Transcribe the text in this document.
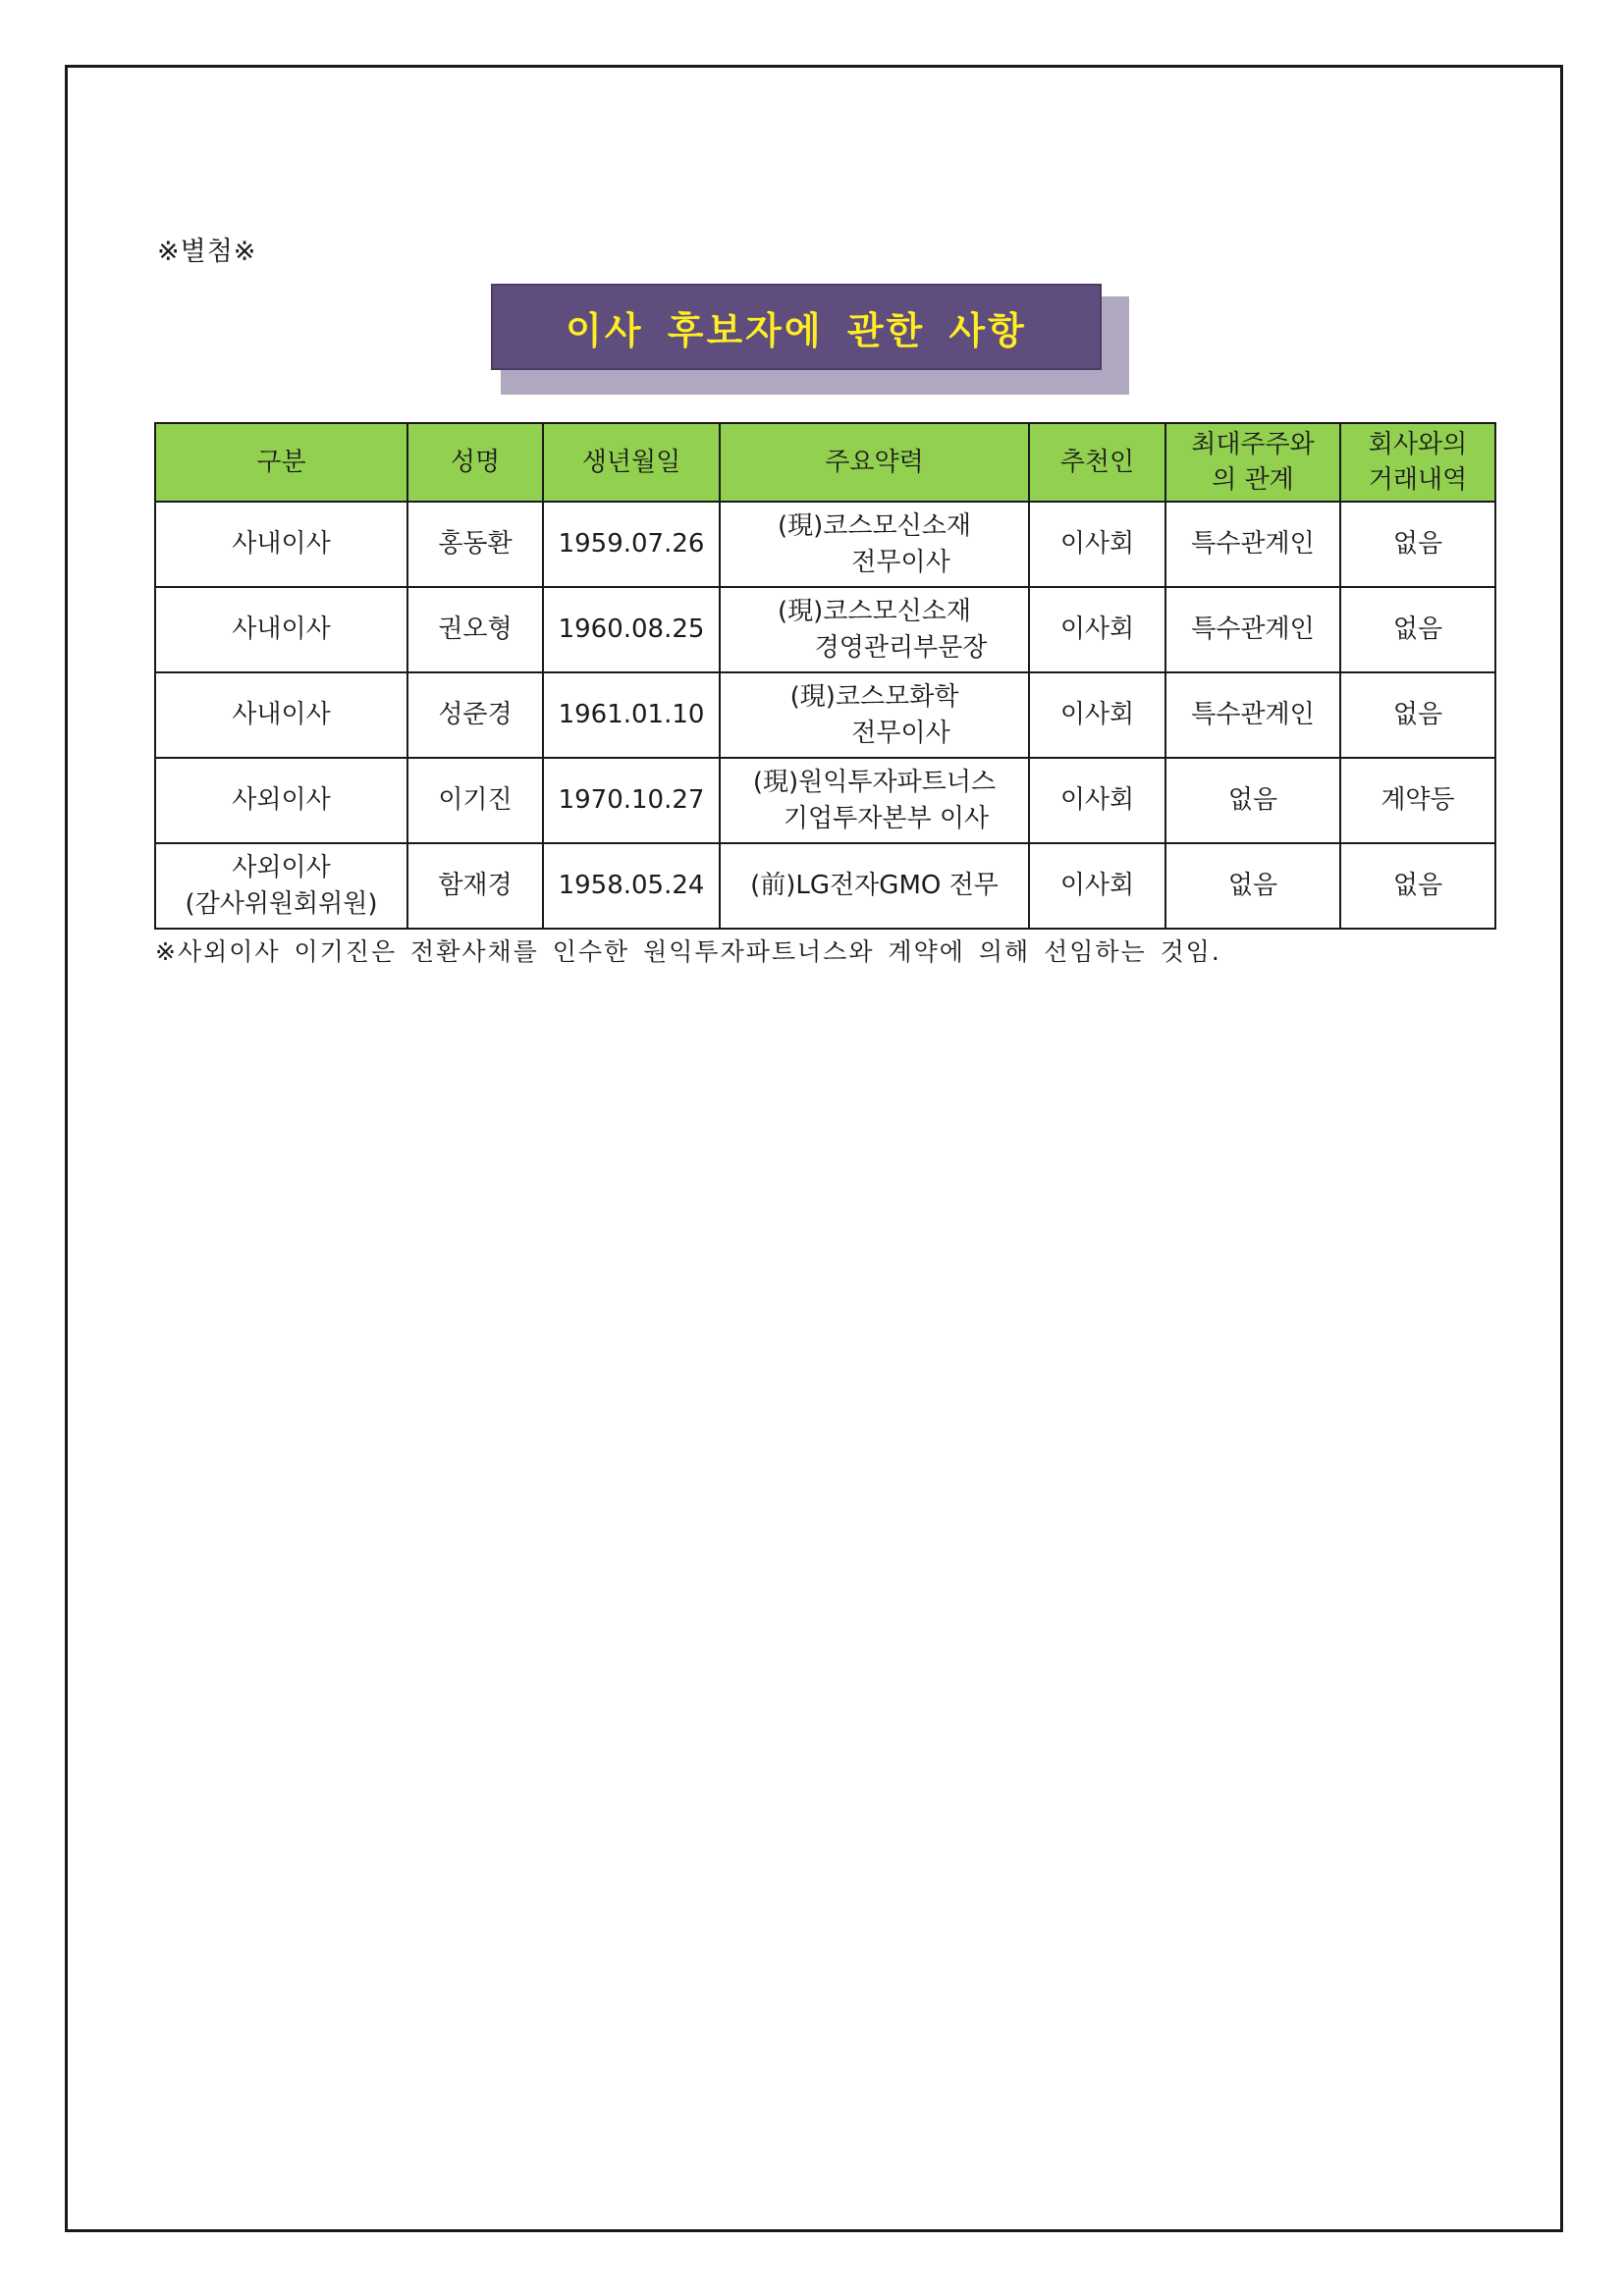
※별첨※
이사 후보자에 관한 사항
구분	성명	생년월일	주요약력	추천인	최대주주와
의 관계	회사와의
거래내역

사내이사	홍동환	1959.07.26	(現)코스모신소재
전무이사	이사회	특수관계인	없음

사내이사	권오형	1960.08.25	(現)코스모신소재
경영관리부문장	이사회	특수관계인	없음

사내이사	성준경	1961.01.10	(現)코스모화학
전무이사	이사회	특수관계인	없음

사외이사	이기진	1970.10.27	(現)원익투자파트너스
기업투자본부 이사	이사회	없음	계약등

사외이사
(감사위원회위원)	함재경	1958.05.24	(前)LG전자GMO 전무	이사회	없음	없음
※사외이사 이기진은 전환사채를 인수한 원익투자파트너스와 계약에 의해 선임하는 것임.
